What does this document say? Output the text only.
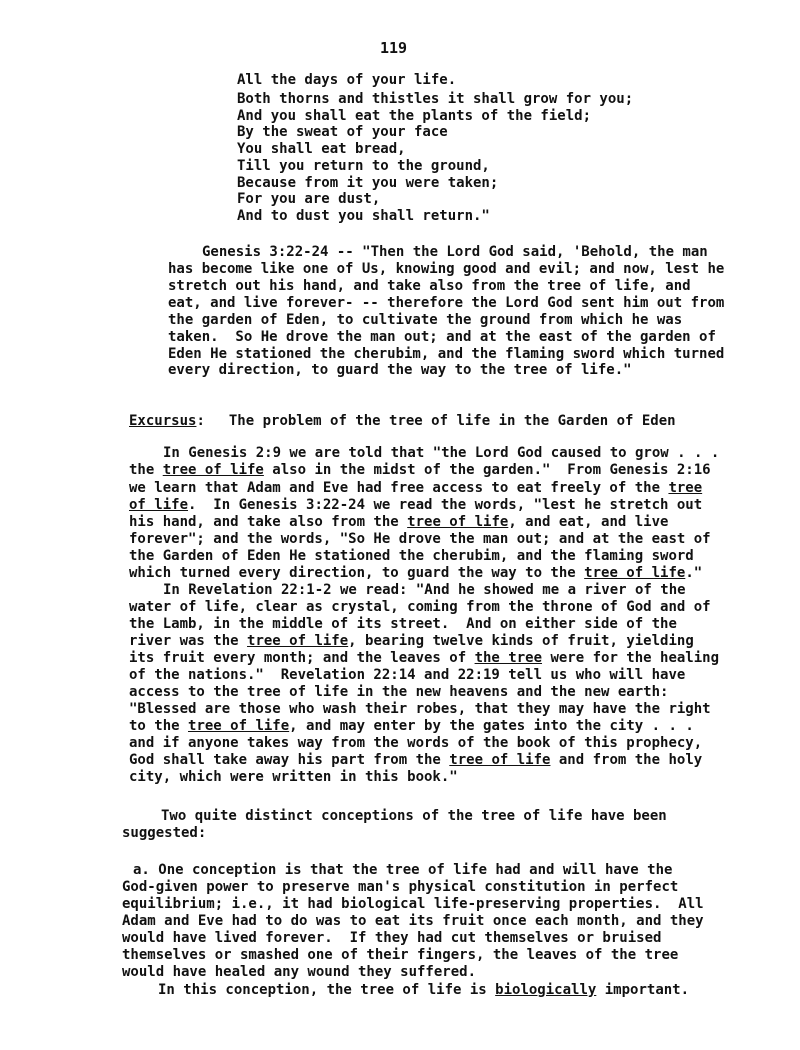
119
All the days of your life.
Both thorns and thistles it shall grow for you;
And you shall eat the plants of the field;
By the sweat of your face
You shall eat bread,
Till you return to the ground,
Because from it you were taken;
For you are dust,
And to dust you shall return."
Genesis 3:22-24 -- "Then the Lord God said, 'Behold, the man
has become like one of Us, knowing good and evil; and now, lest he
stretch out his hand, and take also from the tree of life, and
eat, and live forever- -- therefore the Lord God sent him out from
the garden of Eden, to cultivate the ground from which he was
taken.  So He drove the man out; and at the east of the garden of
Eden He stationed the cherubim, and the flaming sword which turned
every direction, to guard the way to the tree of life."
Excursus: The problem of the tree of life in the Garden of Eden
In Genesis 2:9 we are told that "the Lord God caused to grow . . .
the tree of life also in the midst of the garden."  From Genesis 2:16
we learn that Adam and Eve had free access to eat freely of the tree
of life.  In Genesis 3:22-24 we read the words, "lest he stretch out
his hand, and take also from the tree of life, and eat, and live
forever"; and the words, "So He drove the man out; and at the east of
the Garden of Eden He stationed the cherubim, and the flaming sword
which turned every direction, to guard the way to the tree of life."
In Revelation 22:1-2 we read: "And he showed me a river of the
water of life, clear as crystal, coming from the throne of God and of
the Lamb, in the middle of its street.  And on either side of the
river was the tree of life, bearing twelve kinds of fruit, yielding
its fruit every month; and the leaves of the tree were for the healing
of the nations."  Revelation 22:14 and 22:19 tell us who will have
access to the tree of life in the new heavens and the new earth:
"Blessed are those who wash their robes, that they may have the right
to the tree of life, and may enter by the gates into the city . . .
and if anyone takes way from the words of the book of this prophecy,
God shall take away his part from the tree of life and from the holy
city, which were written in this book."
Two quite distinct conceptions of the tree of life have been
suggested:
a. One conception is that the tree of life had and will have the
God-given power to preserve man's physical constitution in perfect
equilibrium; i.e., it had biological life-preserving properties.  All
Adam and Eve had to do was to eat its fruit once each month, and they
would have lived forever.  If they had cut themselves or bruised
themselves or smashed one of their fingers, the leaves of the tree
would have healed any wound they suffered.
In this conception, the tree of life is biologically important.
